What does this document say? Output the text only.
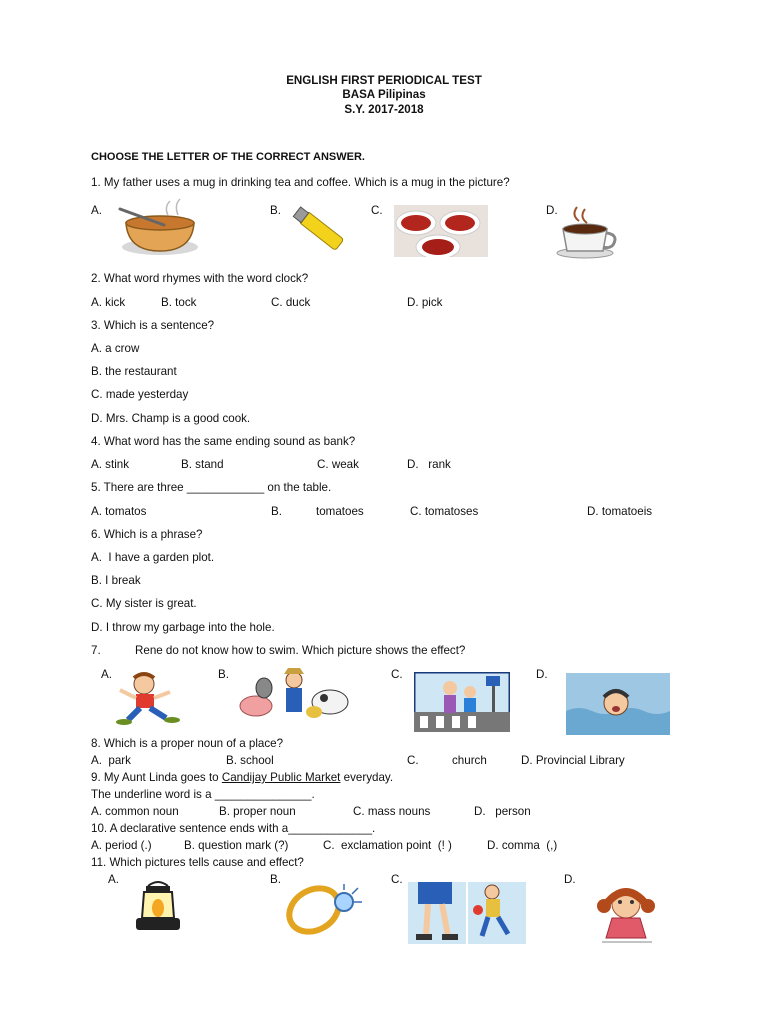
ENGLISH FIRST PERIODICAL TEST
BASA Pilipinas
S.Y. 2017-2018
CHOOSE THE LETTER OF THE CORRECT ANSWER.
1. My father uses a mug in drinking tea and coffee. Which is a mug in the picture?
A.	B.	C.	D.
2. What word rhymes with the word clock?
A. kick	B. tock	C. duck	D. pick
3. Which is a sentence?
A. a crow
B. the restaurant
C. made yesterday
D. Mrs. Champ is a good cook.
4. What word has the same ending sound as bank?
A. stink	B. stand	C. weak	D.   rank
5. There are three ____________ on the table.
A. tomatos	B.	tomatoes	C. tomatoses	D. tomatoeis
6. Which is a phrase?
A.  I have a garden plot.
B. I break
C. My sister is great.
D. I throw my garbage into the hole.
7.	Rene do not know how to swim. Which picture shows the effect?
A.	B.	C.	D.
8. Which is a proper noun of a place?
A.  park	B. school	C.	church	D. Provincial Library
9. My Aunt Linda goes to Candijay Public Market everyday.
The underline word is a _______________.
A. common noun	B. proper noun	C. mass nouns	D.   person
10. A declarative sentence ends with a_____________.
A. period (.)	B. question mark (?)	C.  exclamation point  (! )	D. comma  (,)
11. Which pictures tells cause and effect?
A.	B.	C.	D.
